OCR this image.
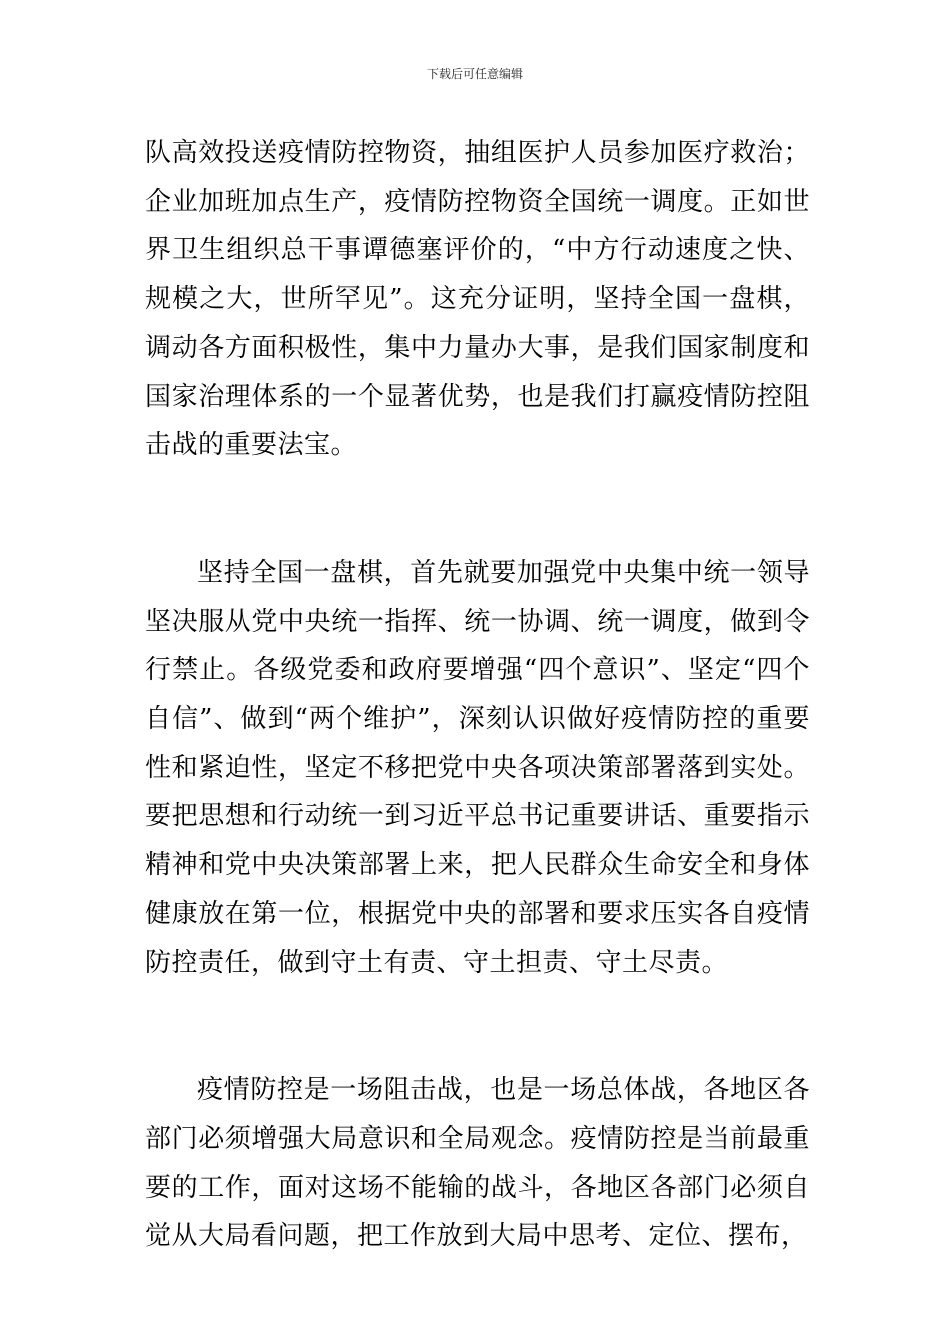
下载后可任意编辑

队高效投送疫情防控物资，抽组医护人员参加医疗救治；企业加班加点生产，疫情防控物资全国统一调度。正如世界卫生组织总干事谭德塞评价的，“中方行动速度之快、规模之大，世所罕见”。这充分证明，坚持全国一盘棋，调动各方面积极性，集中力量办大事，是我们国家制度和国家治理体系的一个显著优势，也是我们打赢疫情防控阻击战的重要法宝。

坚持全国一盘棋，首先就要加强党中央集中统一领导坚决服从党中央统一指挥、统一协调、统一调度，做到令行禁止。各级党委和政府要增强“四个意识”、坚定“四个自信”、做到“两个维护”，深刻认识做好疫情防控的重要性和紧迫性，坚定不移把党中央各项决策部署落到实处。要把思想和行动统一到习近平总书记重要讲话、重要指示精神和党中央决策部署上来，把人民群众生命安全和身体健康放在第一位，根据党中央的部署和要求压实各自疫情防控责任，做到守土有责、守土担责、守土尽责。

疫情防控是一场阻击战，也是一场总体战，各地区各部门必须增强大局意识和全局观念。疫情防控是当前最重要的工作，面对这场不能输的战斗，各地区各部门必须自觉从大局看问题，把工作放到大局中思考、定位、摆布，
